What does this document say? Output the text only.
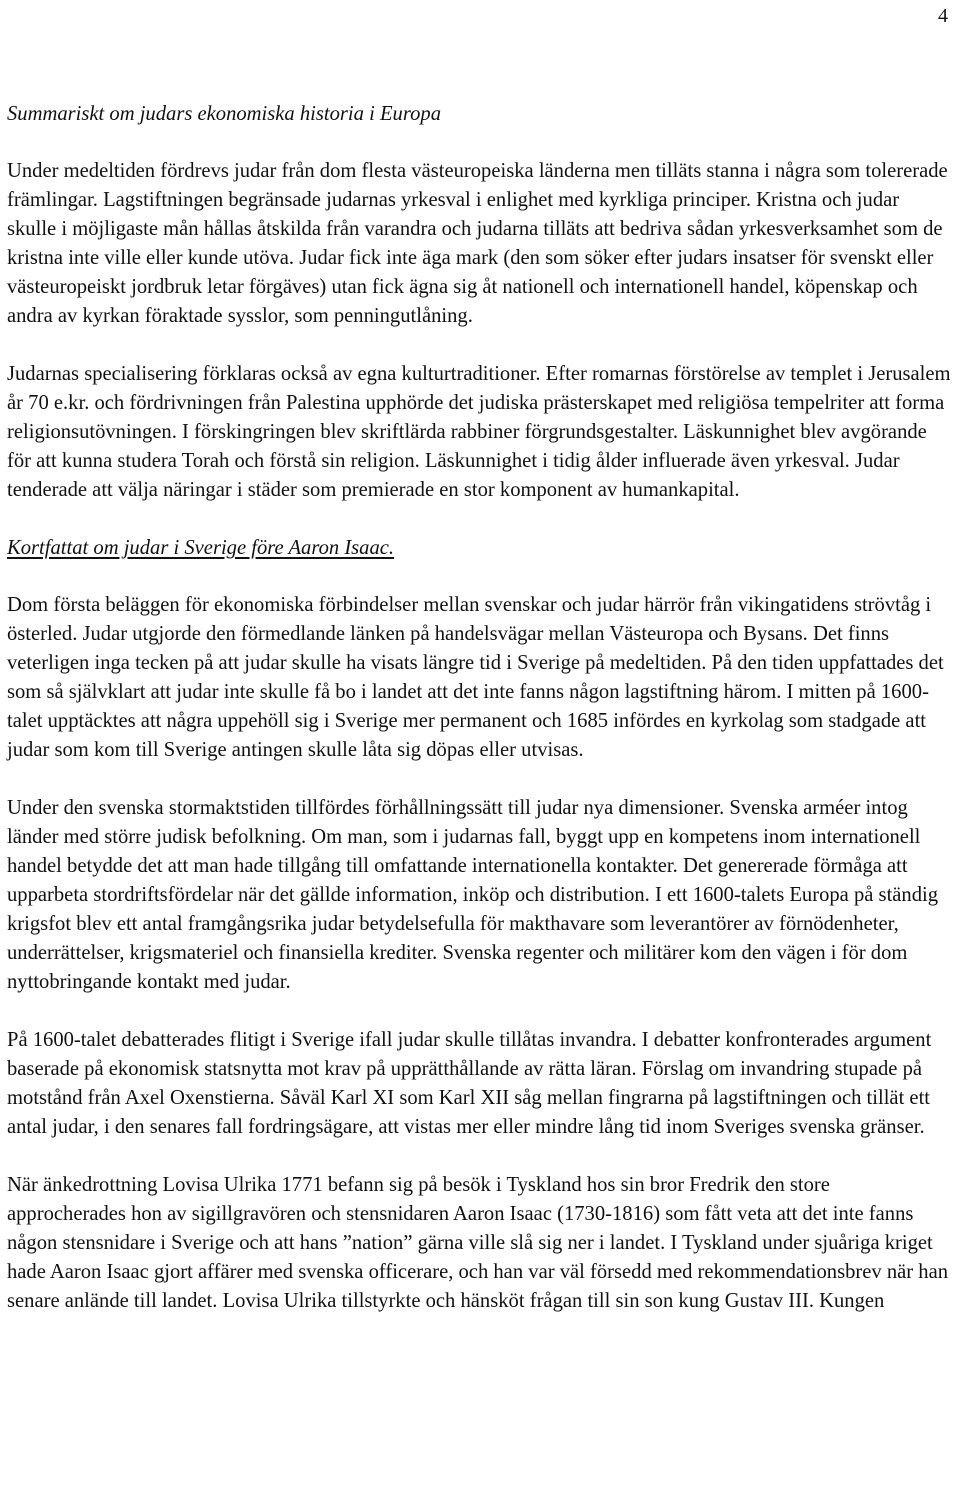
4
Summariskt om judars ekonomiska historia i Europa

Under medeltiden fördrevs judar från dom flesta västeuropeiska länderna men tilläts stanna i några som tolererade främlingar. Lagstiftningen begränsade judarnas yrkesval i enlighet med kyrkliga principer. Kristna och judar skulle i möjligaste mån hållas åtskilda från varandra och judarna tilläts att bedriva sådan yrkesverksamhet som de kristna inte ville eller kunde utöva. Judar fick inte äga mark (den som söker efter judars insatser för svenskt eller västeuropeiskt jordbruk letar förgäves) utan fick ägna sig åt nationell och internationell handel, köpenskap och andra av kyrkan föraktade sysslor, som penningutlåning.

Judarnas specialisering förklaras också av egna kulturtraditioner. Efter romarnas förstörelse av templet i Jerusalem år 70 e.kr. och fördrivningen från Palestina upphörde det judiska prästerskapet med religiösa tempelriter att forma religionsutövningen. I förskingringen blev skriftlärda rabbiner förgrundsgestalter. Läskunnighet blev avgörande för att kunna studera Torah och förstå sin religion. Läskunnighet i tidig ålder influerade även yrkesval. Judar tenderade att välja näringar i städer som premierade en stor komponent av humankapital.

Kortfattat om judar i Sverige före Aaron Isaac.

Dom första beläggen för ekonomiska förbindelser mellan svenskar och judar härrör från vikingatidens strövtåg i österled. Judar utgjorde den förmedlande länken på handelsvägar mellan Västeuropa och Bysans. Det finns veterligen inga tecken på att judar skulle ha visats längre tid i Sverige på medeltiden. På den tiden uppfattades det som så självklart att judar inte skulle få bo i landet att det inte fanns någon lagstiftning härom. I mitten på 1600-talet upptäcktes att några uppehöll sig i Sverige mer permanent och 1685 infördes en kyrkolag som stadgade att judar som kom till Sverige antingen skulle låta sig döpas eller utvisas.

Under den svenska stormaktstiden tillfördes förhållningssätt till judar nya dimensioner. Svenska arméer intog länder med större judisk befolkning. Om man, som i judarnas fall, byggt upp en kompetens inom internationell handel betydde det att man hade tillgång till omfattande internationella kontakter. Det genererade förmåga att upparbeta stordriftsfördelar när det gällde information, inköp och distribution. I ett 1600-talets Europa på ständig krigsfot blev ett antal framgångsrika judar betydelsefulla för makthavare som leverantörer av förnödenheter, underrättelser, krigsmateriel och finansiella krediter. Svenska regenter och militärer kom den vägen i för dom nyttobringande kontakt med judar.

På 1600-talet debatterades flitigt i Sverige ifall judar skulle tillåtas invandra. I debatter konfronterades argument baserade på ekonomisk statsnytta mot krav på upprätthållande av rätta läran. Förslag om invandring stupade på motstånd från Axel Oxenstierna. Såväl Karl XI som Karl XII såg mellan fingrarna på lagstiftningen och tillät ett antal judar, i den senares fall fordringsägare, att vistas mer eller mindre lång tid inom Sveriges svenska gränser.

När änkedrottning Lovisa Ulrika 1771 befann sig på besök i Tyskland hos sin bror Fredrik den store approcherades hon av sigillgravören och stensnidaren Aaron Isaac (1730-1816) som fått veta att det inte fanns någon stensnidare i Sverige och att hans ”nation” gärna ville slå sig ner i landet. I Tyskland under sjuåriga kriget hade Aaron Isaac gjort affärer med svenska officerare, och han var väl försedd med rekommendationsbrev när han senare anlände till landet. Lovisa Ulrika tillstyrkte och hänsköt frågan till sin son kung Gustav III. Kungen
